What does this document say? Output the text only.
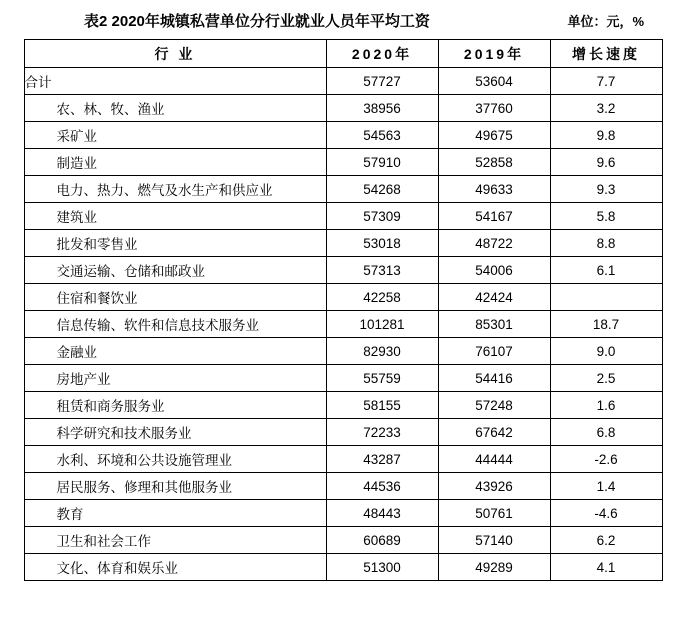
表2 2020年城镇私营单位分行业就业人员年平均工资	单位：元，%
行 业	2020年	2019年	增长速度
合计	57727	53604	7.7
农、林、牧、渔业	38956	37760	3.2
采矿业	54563	49675	9.8
制造业	57910	52858	9.6
电力、热力、燃气及水生产和供应业	54268	49633	9.3
建筑业	57309	54167	5.8
批发和零售业	53018	48722	8.8
交通运输、仓储和邮政业	57313	54006	6.1
住宿和餐饮业	42258	42424	
信息传输、软件和信息技术服务业	101281	85301	18.7
金融业	82930	76107	9.0
房地产业	55759	54416	2.5
租赁和商务服务业	58155	57248	1.6
科学研究和技术服务业	72233	67642	6.8
水利、环境和公共设施管理业	43287	44444	-2.6
居民服务、修理和其他服务业	44536	43926	1.4
教育	48443	50761	-4.6
卫生和社会工作	60689	57140	6.2
文化、体育和娱乐业	51300	49289	4.1
